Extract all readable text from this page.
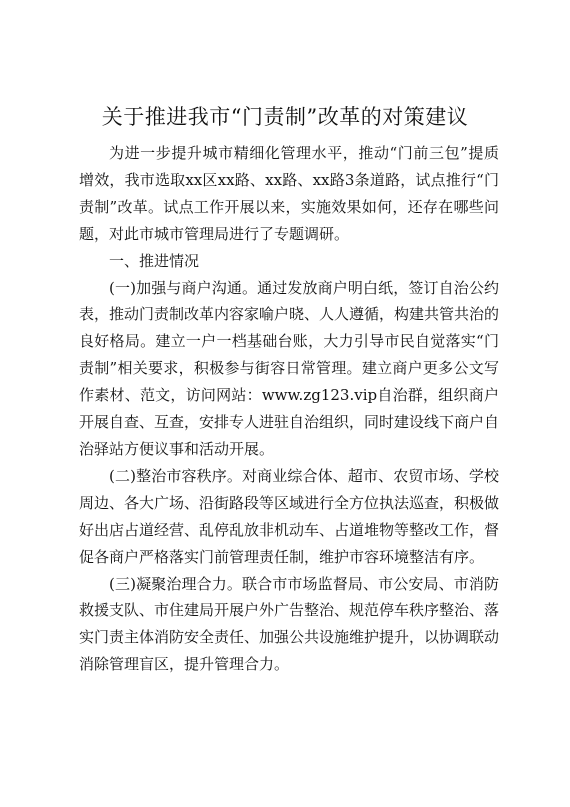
关于推进我市“门责制”改革的对策建议

为进一步提升城市精细化管理水平，推动“门前三包”提质增效，我市选取xx区xx路、xx路、xx路3条道路，试点推行“门责制”改革。试点工作开展以来，实施效果如何，还存在哪些问题，对此市城市管理局进行了专题调研。

一、推进情况

(一)加强与商户沟通。通过发放商户明白纸，签订自治公约表，推动门责制改革内容家喻户晓、人人遵循，构建共管共治的良好格局。建立一户一档基础台账，大力引导市民自觉落实“门责制”相关要求，积极参与街容日常管理。建立商户更多公文写作素材、范文，访问网站：www.zg123.vip自治群，组织商户开展自查、互查，安排专人进驻自治组织，同时建设线下商户自治驿站方便议事和活动开展。

(二)整治市容秩序。对商业综合体、超市、农贸市场、学校周边、各大广场、沿街路段等区域进行全方位执法巡查，积极做好出店占道经营、乱停乱放非机动车、占道堆物等整改工作，督促各商户严格落实门前管理责任制，维护市容环境整洁有序。

(三)凝聚治理合力。联合市市场监督局、市公安局、市消防救援支队、市住建局开展户外广告整治、规范停车秩序整治、落实门责主体消防安全责任、加强公共设施维护提升，以协调联动消除管理盲区，提升管理合力。
